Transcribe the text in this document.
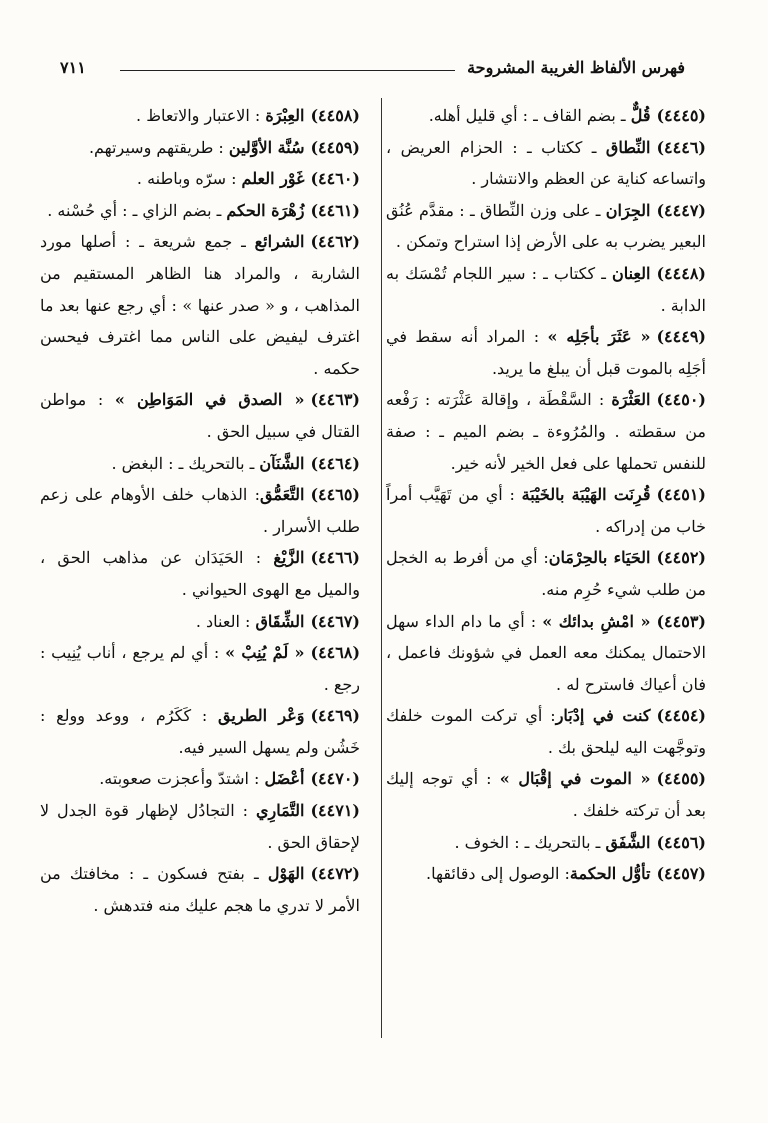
فهرس الألفاظ الغريبة المشروحة
٧١١
(٤٤٤٥)قُلٌّ ـ بضم القاف ـ : أي قليل أهله.
(٤٤٤٦)النِّطاق ـ ككتاب ـ : الحزام العريض ، واتساعه كناية عن العظم والانتشار .
(٤٤٤٧)الجِرَان ـ على وزن النِّطاق ـ : مقدَّم عُنُق البعير يضرب به على الأرض إذا استراح وتمكن .
(٤٤٤٨)العِنان ـ ككتاب ـ : سير اللجام تُمْسَك به الدابة .
(٤٤٤٩)« عَثَرَ بأجَلِه » : المراد أنه سقط في أجَلِه بالموت قبل أن يبلغ ما يريد.
(٤٤٥٠)العَثْرَة : السَّقْطَة ، وإقالة عَثْرَته : رَفْعه من سقطته . والمُرُوءة ـ بضم الميم ـ : صفة للنفس تحملها على فعل الخير لأنه خير.
(٤٤٥١)قُرِنَت الهَيْبَة بالخَيْبَة : أي من تَهَيَّب أمراً خاب من إدراكه .
(٤٤٥٢)الحَيَاء بالحِرْمَان: أي من أفرط به الخجل من طلب شيء حُرِم منه.
(٤٤٥٣)« امْشِ بدائك » : أي ما دام الداء سهل الاحتمال يمكنك معه العمل في شؤونك فاعمل ، فان أعياك فاسترح له .
(٤٤٥٤)كنت في إدْبَار: أي تركت الموت خلفك وتوجَّهت اليه ليلحق بك .
(٤٤٥٥)« الموت في إقْبَال » : أي توجه إليك بعد أن تركته خلفك .
(٤٤٥٦)الشَّفَق ـ بالتحريك ـ : الخوف .
(٤٤٥٧)تأوُّل الحكمة: الوصول إلى دقائقها.
(٤٤٥٨)العِبْرَة : الاعتبار والاتعاظ .
(٤٤٥٩)سُنَّة الأوَّلين : طريقتهم وسيرتهم.
(٤٤٦٠)غَوْر العلم : سرّه وباطنه .
(٤٤٦١)زُهْرَة الحكم ـ بضم الزاي ـ : أي حُسْنه .
(٤٤٦٢)الشرائع ـ جمع شريعة ـ : أصلها مورد الشاربة ، والمراد هنا الظاهر المستقيم من المذاهب ، و « صدر عنها » : أي رجع عنها بعد ما اغترف ليفيض على الناس مما اغترف فيحسن حكمه .
(٤٤٦٣)« الصدق في المَوَاطِن » : مواطن القتال في سبيل الحق .
(٤٤٦٤)الشَّنَآن ـ بالتحريك ـ : البغض .
(٤٤٦٥)التَّعَمُّق: الذهاب خلف الأوهام على زعم طلب الأسرار .
(٤٤٦٦)الزَّيْغ : الحَيَدَان عن مذاهب الحق ، والميل مع الهوى الحيواني .
(٤٤٦٧)الشِّقَاق : العناد .
(٤٤٦٨)« لَمْ يُنِبْ » : أي لم يرجع ، أناب يُنِيب : رجع .
(٤٤٦٩)وَعْر الطريق : كَكَرُم ، ووعد وولع : خَشُن ولم يسهل السير فيه.
(٤٤٧٠)أعْضَل : اشتدّ وأعجزت صعوبته.
(٤٤٧١)التَّمَارِي : التجادُل لإظهار قوة الجدل لا لإحقاق الحق .
(٤٤٧٢)الهَوْل ـ بفتح فسكون ـ : مخافتك من الأمر لا تدري ما هجم عليك منه فتدهش .
